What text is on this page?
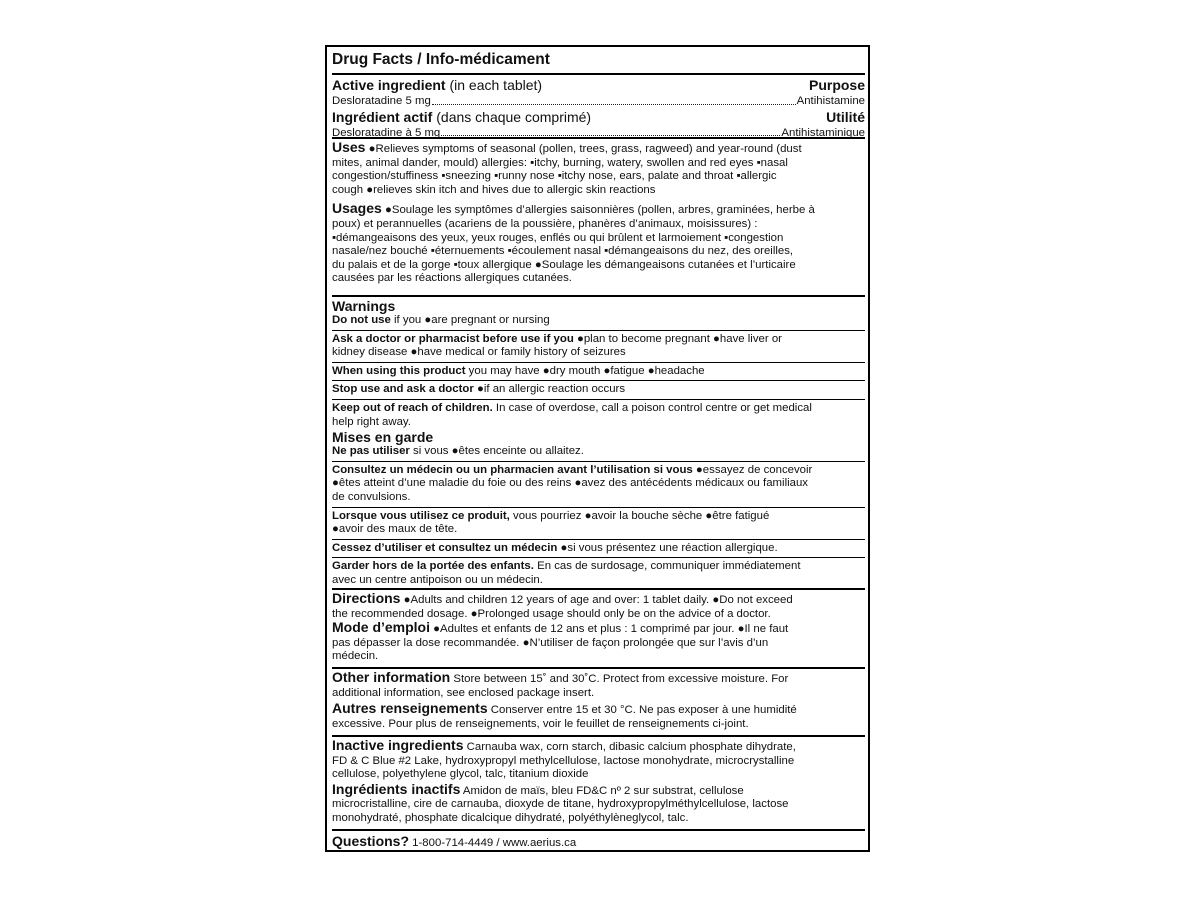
Drug Facts / Info-médicament
Active ingredient (in each tablet)	Purpose
Desloratadine 5 mg	Antihistamine
Ingrédient actif (dans chaque comprimé)	Utilité
Desloratadine à 5 mg	Antihistaminique
Uses ●Relieves symptoms of seasonal (pollen, trees, grass, ragweed) and year-round (dust
mites, animal dander, mould) allergies: ▪itchy, burning, watery, swollen and red eyes ▪nasal
congestion/stuffiness ▪sneezing ▪runny nose ▪itchy nose, ears, palate and throat ▪allergic
cough ●relieves skin itch and hives due to allergic skin reactions
Usages ●Soulage les symptômes d’allergies saisonnières (pollen, arbres, graminées, herbe à
poux) et perannuelles (acariens de la poussière, phanères d’animaux, moisissures) :
▪démangeaisons des yeux, yeux rouges, enflés ou qui brûlent et larmoiement ▪congestion
nasale/nez bouché ▪éternuements ▪écoulement nasal ▪démangeaisons du nez, des oreilles,
du palais et de la gorge ▪toux allergique ●Soulage les démangeaisons cutanées et l’urticaire
causées par les réactions allergiques cutanées.
Warnings
Do not use if you ●are pregnant or nursing
Ask a doctor or pharmacist before use if you ●plan to become pregnant ●have liver or
kidney disease ●have medical or family history of seizures
When using this product you may have ●dry mouth ●fatigue ●headache
Stop use and ask a doctor ●if an allergic reaction occurs
Keep out of reach of children. In case of overdose, call a poison control centre or get medical
help right away.
Mises en garde
Ne pas utiliser si vous ●êtes enceinte ou allaitez.
Consultez un médecin ou un pharmacien avant l’utilisation si vous ●essayez de concevoir
●êtes atteint d’une maladie du foie ou des reins ●avez des antécédents médicaux ou familiaux
de convulsions.
Lorsque vous utilisez ce produit, vous pourriez ●avoir la bouche sèche ●être fatigué
●avoir des maux de tête.
Cessez d’utiliser et consultez un médecin ●si vous présentez une réaction allergique.
Garder hors de la portée des enfants. En cas de surdosage, communiquer immédiatement
avec un centre antipoison ou un médecin.
Directions ●Adults and children 12 years of age and over: 1 tablet daily. ●Do not exceed
the recommended dosage. ●Prolonged usage should only be on the advice of a doctor.
Mode d’emploi ●Adultes et enfants de 12 ans et plus : 1 comprimé par jour. ●Il ne faut
pas dépasser la dose recommandée. ●N’utiliser de façon prolongée que sur l’avis d’un
médecin.
Other information Store between 15˚ and 30˚C. Protect from excessive moisture. For
additional information, see enclosed package insert.
Autres renseignements Conserver entre 15 et 30 °C. Ne pas exposer à une humidité
excessive. Pour plus de renseignements, voir le feuillet de renseignements ci-joint.
Inactive ingredients Carnauba wax, corn starch, dibasic calcium phosphate dihydrate,
FD & C Blue #2 Lake, hydroxypropyl methylcellulose, lactose monohydrate, microcrystalline
cellulose, polyethylene glycol, talc, titanium dioxide
Ingrédients inactifs Amidon de maïs, bleu FD&C nº 2 sur substrat, cellulose
microcristalline, cire de carnauba, dioxyde de titane, hydroxypropylméthylcellulose, lactose
monohydraté, phosphate dicalcique dihydraté, polyéthylèneglycol, talc.
Questions? 1-800-714-4449 / www.aerius.ca
